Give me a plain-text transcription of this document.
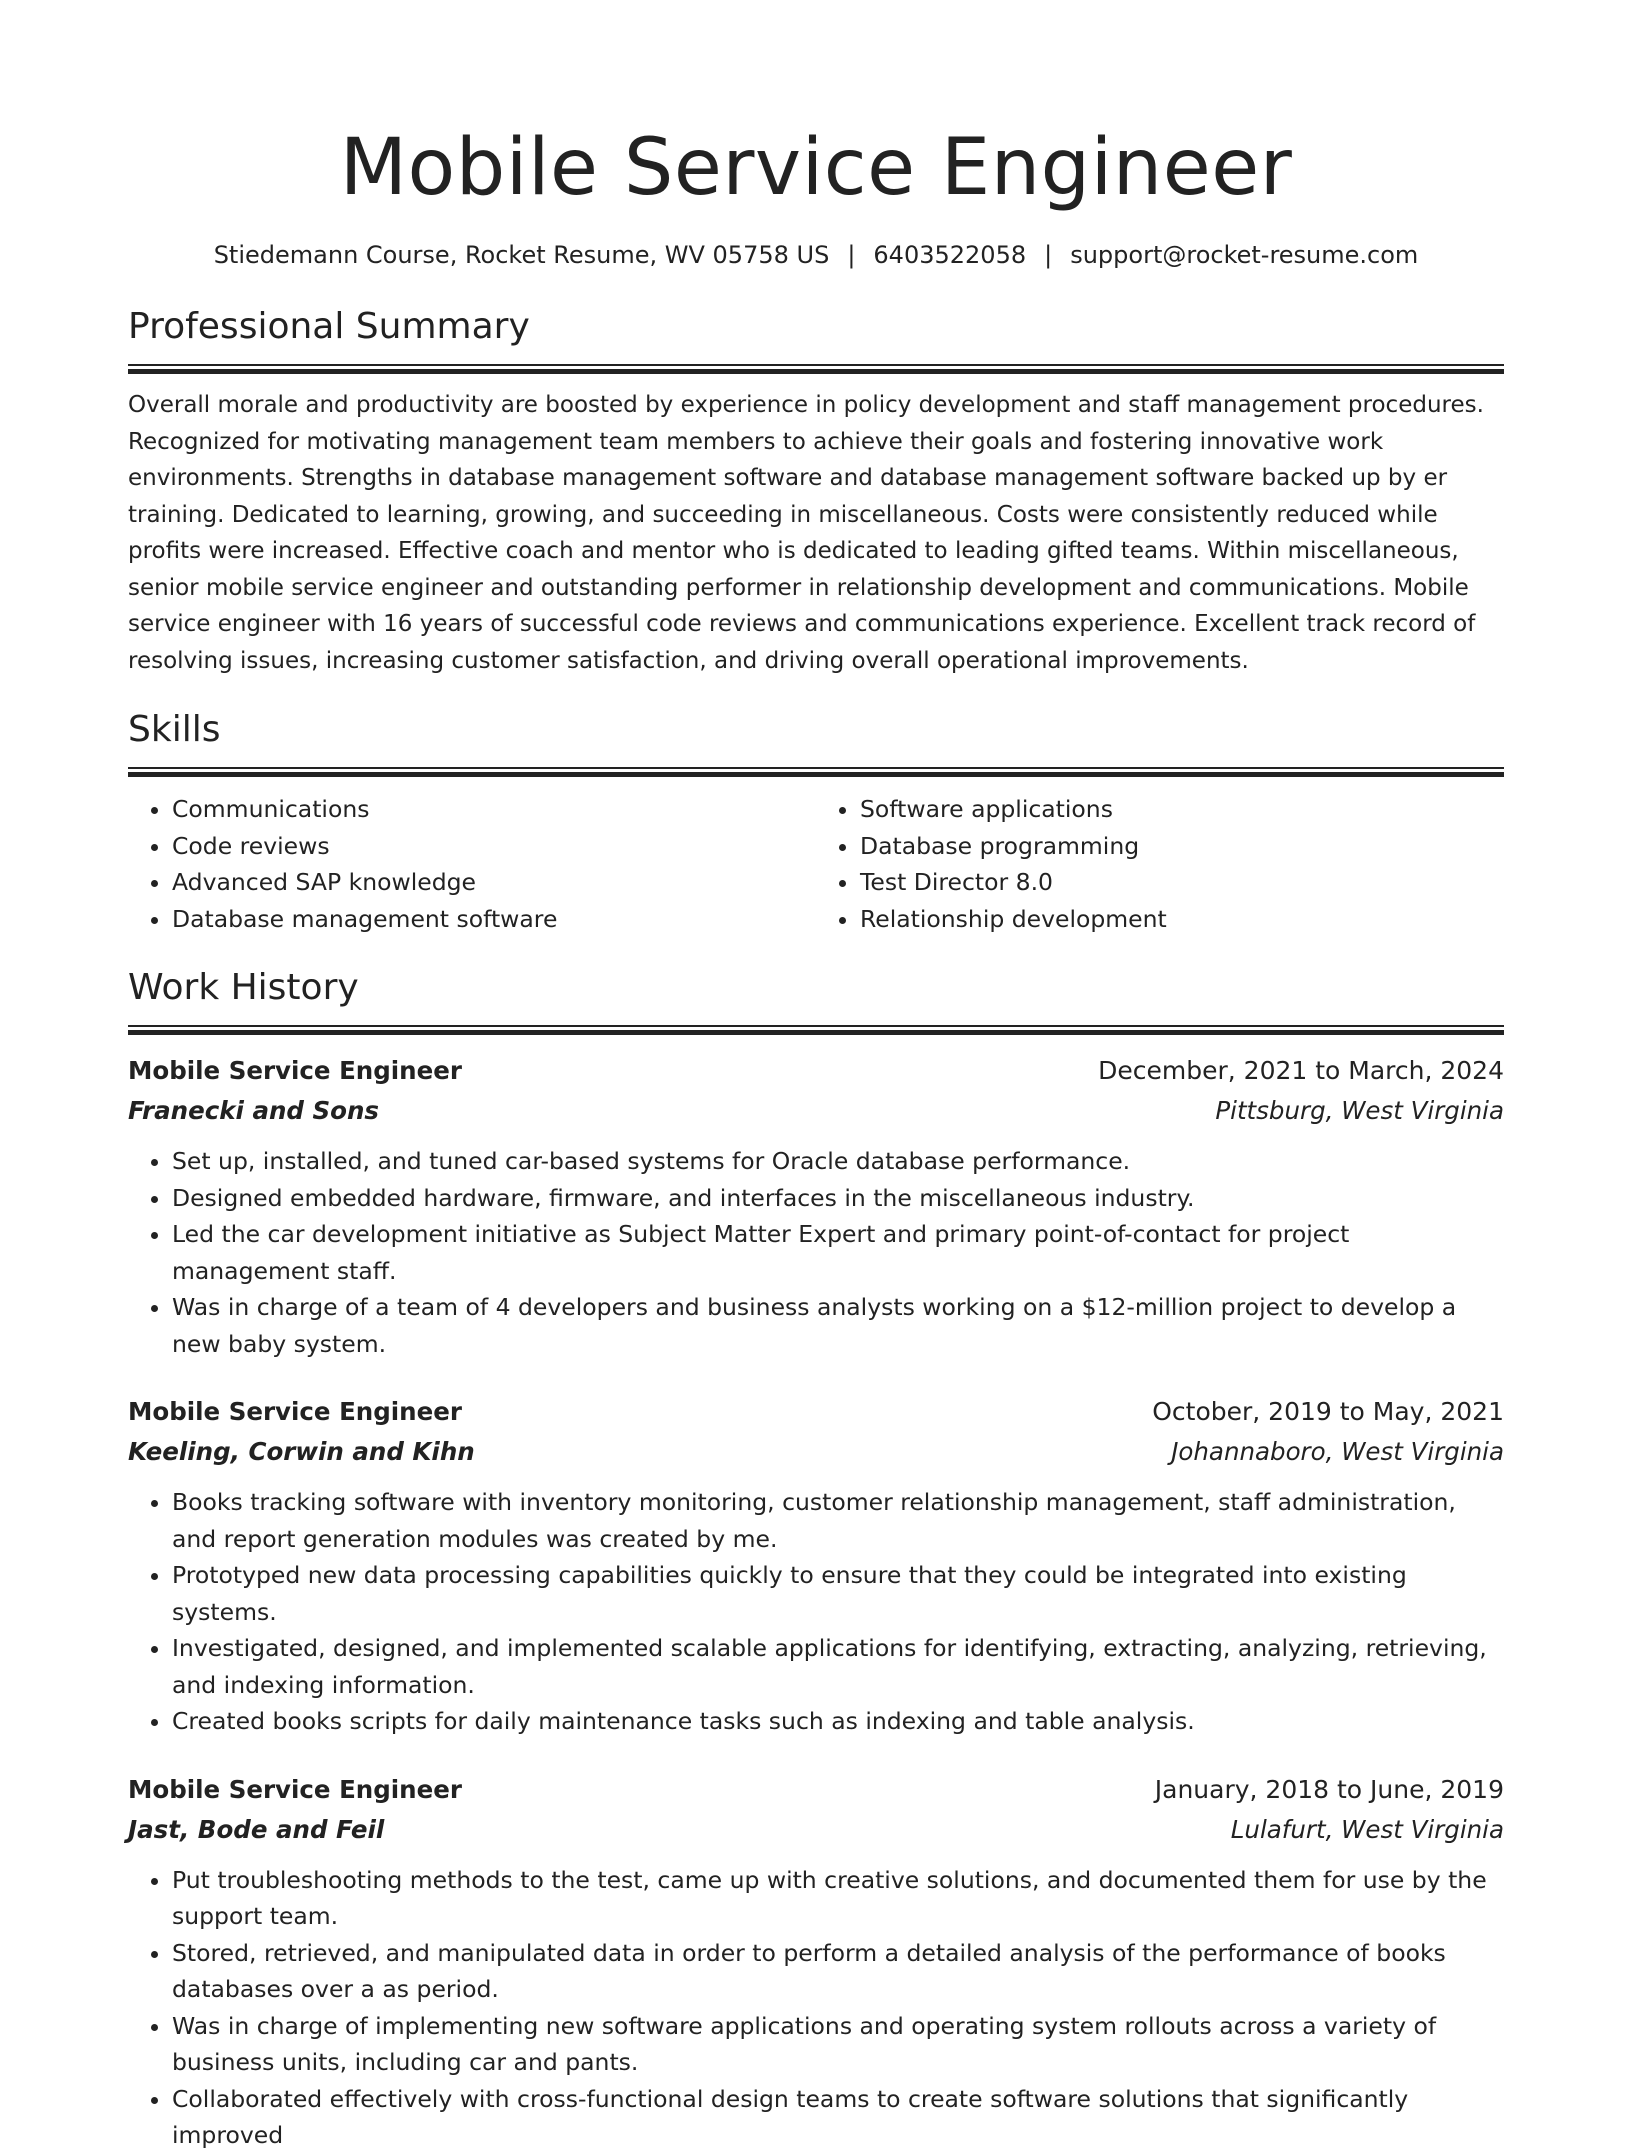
Mobile Service Engineer
Stiedemann Course, Rocket Resume, WV 05758 US | 6403522058 | support@rocket-resume.com
Professional Summary

Overall morale and productivity are boosted by experience in policy development and staff management procedures. Recognized for motivating management team members to achieve their goals and fostering innovative work environments. Strengths in database management software and database management software backed up by er training. Dedicated to learning, growing, and succeeding in miscellaneous. Costs were consistently reduced while profits were increased. Effective coach and mentor who is dedicated to leading gifted teams. Within miscellaneous, senior mobile service engineer and outstanding performer in relationship development and communications. Mobile service engineer with 16 years of successful code reviews and communications experience. Excellent track record of resolving issues, increasing customer satisfaction, and driving overall operational improvements.

Skills
• Communications
• Code reviews
• Advanced SAP knowledge
• Database management software
• Software applications
• Database programming
• Test Director 8.0
• Relationship development
Work History
Mobile Service Engineer	December, 2021 to March, 2024
Franecki and Sons	Pittsburg, West Virginia
• Set up, installed, and tuned car-based systems for Oracle database performance.
• Designed embedded hardware, firmware, and interfaces in the miscellaneous industry.
• Led the car development initiative as Subject Matter Expert and primary point-of-contact for project management staff.
• Was in charge of a team of 4 developers and business analysts working on a $12-million project to develop a new baby system.
Mobile Service Engineer	October, 2019 to May, 2021
Keeling, Corwin and Kihn	Johannaboro, West Virginia
• Books tracking software with inventory monitoring, customer relationship management, staff administration, and report generation modules was created by me.
• Prototyped new data processing capabilities quickly to ensure that they could be integrated into existing systems.
• Investigated, designed, and implemented scalable applications for identifying, extracting, analyzing, retrieving, and indexing information.
• Created books scripts for daily maintenance tasks such as indexing and table analysis.
Mobile Service Engineer	January, 2018 to June, 2019
Jast, Bode and Feil	Lulafurt, West Virginia
• Put troubleshooting methods to the test, came up with creative solutions, and documented them for use by the support team.
• Stored, retrieved, and manipulated data in order to perform a detailed analysis of the performance of books databases over a as period.
• Was in charge of implementing new software applications and operating system rollouts across a variety of business units, including car and pants.
• Collaborated effectively with cross-functional design teams to create software solutions that significantly improved
